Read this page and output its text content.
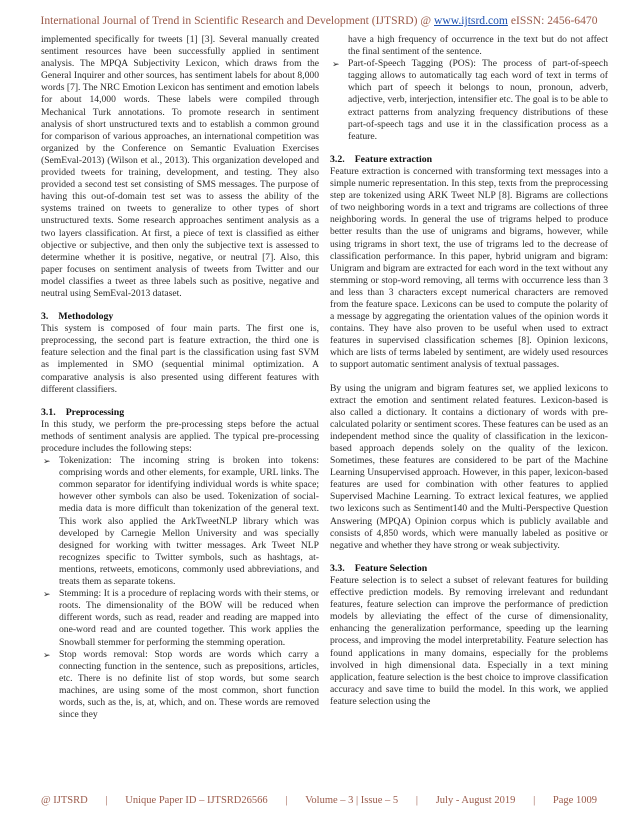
International Journal of Trend in Scientific Research and Development (IJTSRD) @ www.ijtsrd.com eISSN: 2456-6470

implemented specifically for tweets [1] [3]. Several manually created sentiment resources have been successfully applied in sentiment analysis. The MPQA Subjectivity Lexicon, which draws from the General Inquirer and other sources, has sentiment labels for about 8,000 words [7]. The NRC Emotion Lexicon has sentiment and emotion labels for about 14,000 words. These labels were compiled through Mechanical Turk annotations. To promote research in sentiment analysis of short unstructured texts and to establish a common ground for comparison of various approaches, an international competition was organized by the Conference on Semantic Evaluation Exercises (SemEval-2013) (Wilson et al., 2013). This organization developed and provided tweets for training, development, and testing. They also provided a second test set consisting of SMS messages. The purpose of having this out-of-domain test set was to assess the ability of the systems trained on tweets to generalize to other types of short unstructured texts. Some research approaches sentiment analysis as a two layers classification. At first, a piece of text is classified as either objective or subjective, and then only the subjective text is assessed to determine whether it is positive, negative, or neutral [7]. Also, this paper focuses on sentiment analysis of tweets from Twitter and our model classifies a tweet as three labels such as positive, negative and neutral using SemEval-2013 dataset.

3. Methodology

This system is composed of four main parts. The first one is, preprocessing, the second part is feature extraction, the third one is feature selection and the final part is the classification using fast SVM as implemented in SMO (sequential minimal optimization. A comparative analysis is also presented using different features with different classifiers.

3.1. Preprocessing

In this study, we perform the pre-processing steps before the actual methods of sentiment analysis are applied. The typical pre-processing procedure includes the following steps:

➢ Tokenization: The incoming string is broken into tokens: comprising words and other elements, for example, URL links. The common separator for identifying individual words is white space; however other symbols can also be used. Tokenization of social-media data is more difficult than tokenization of the general text. This work also applied the ArkTweetNLP library which was developed by Carnegie Mellon University and was specially designed for working with twitter messages. Ark Tweet NLP recognizes specific to Twitter symbols, such as hashtags, at-mentions, retweets, emoticons, commonly used abbreviations, and treats them as separate tokens.
➢ Stemming: It is a procedure of replacing words with their stems, or roots. The dimensionality of the BOW will be reduced when different words, such as read, reader and reading are mapped into one-word read and are counted together. This work applies the Snowball stemmer for performing the stemming operation.
➢ Stop words removal: Stop words are words which carry a connecting function in the sentence, such as prepositions, articles, etc. There is no definite list of stop words, but some search machines, are using some of the most common, short function words, such as the, is, at, which, and on. These words are removed since they
have a high frequency of occurrence in the text but do not affect the final sentiment of the sentence.
➢ Part-of-Speech Tagging (POS): The process of part-of-speech tagging allows to automatically tag each word of text in terms of which part of speech it belongs to noun, pronoun, adverb, adjective, verb, interjection, intensifier etc. The goal is to be able to extract patterns from analyzing frequency distributions of these part-of-speech tags and use it in the classification process as a feature.
3.2. Feature extraction

Feature extraction is concerned with transforming text messages into a simple numeric representation. In this step, texts from the preprocessing step are tokenized using ARK Tweet NLP [8]. Bigrams are collections of two neighboring words in a text and trigrams are collections of three neighboring words. In general the use of trigrams helped to produce better results than the use of unigrams and bigrams, however, while using trigrams in short text, the use of trigrams led to the decrease of classification performance. In this paper, hybrid unigram and bigram: Unigram and bigram are extracted for each word in the text without any stemming or stop-word removing, all terms with occurrence less than 3 and less than 3 characters except numerical characters are removed from the feature space. Lexicons can be used to compute the polarity of a message by aggregating the orientation values of the opinion words it contains. They have also proven to be useful when used to extract features in supervised classification schemes [8]. Opinion lexicons, which are lists of terms labeled by sentiment, are widely used resources to support automatic sentiment analysis of textual passages.

By using the unigram and bigram features set, we applied lexicons to extract the emotion and sentiment related features. Lexicon-based is also called a dictionary. It contains a dictionary of words with pre-calculated polarity or sentiment scores. These features can be used as an independent method since the quality of classification in the lexicon-based approach depends solely on the quality of the lexicon. Sometimes, these features are considered to be part of the Machine Learning Unsupervised approach. However, in this paper, lexicon-based features are used for combination with other features to applied Supervised Machine Learning. To extract lexical features, we applied two lexicons such as Sentiment140 and the Multi-Perspective Question Answering (MPQA) Opinion corpus which is publicly available and consists of 4,850 words, which were manually labeled as positive or negative and whether they have strong or weak subjectivity.

3.3. Feature Selection

Feature selection is to select a subset of relevant features for building effective prediction models. By removing irrelevant and redundant features, feature selection can improve the performance of prediction models by alleviating the effect of the curse of dimensionality, enhancing the generalization performance, speeding up the learning process, and improving the model interpretability. Feature selection has found applications in many domains, especially for the problems involved in high dimensional data. Especially in a text mining application, feature selection is the best choice to improve classification accuracy and save time to build the model. In this work, we applied feature selection using the

@ IJTSRD | Unique Paper ID – IJTSRD26566 | Volume – 3 | Issue – 5 | July - August 2019 | Page 1009
